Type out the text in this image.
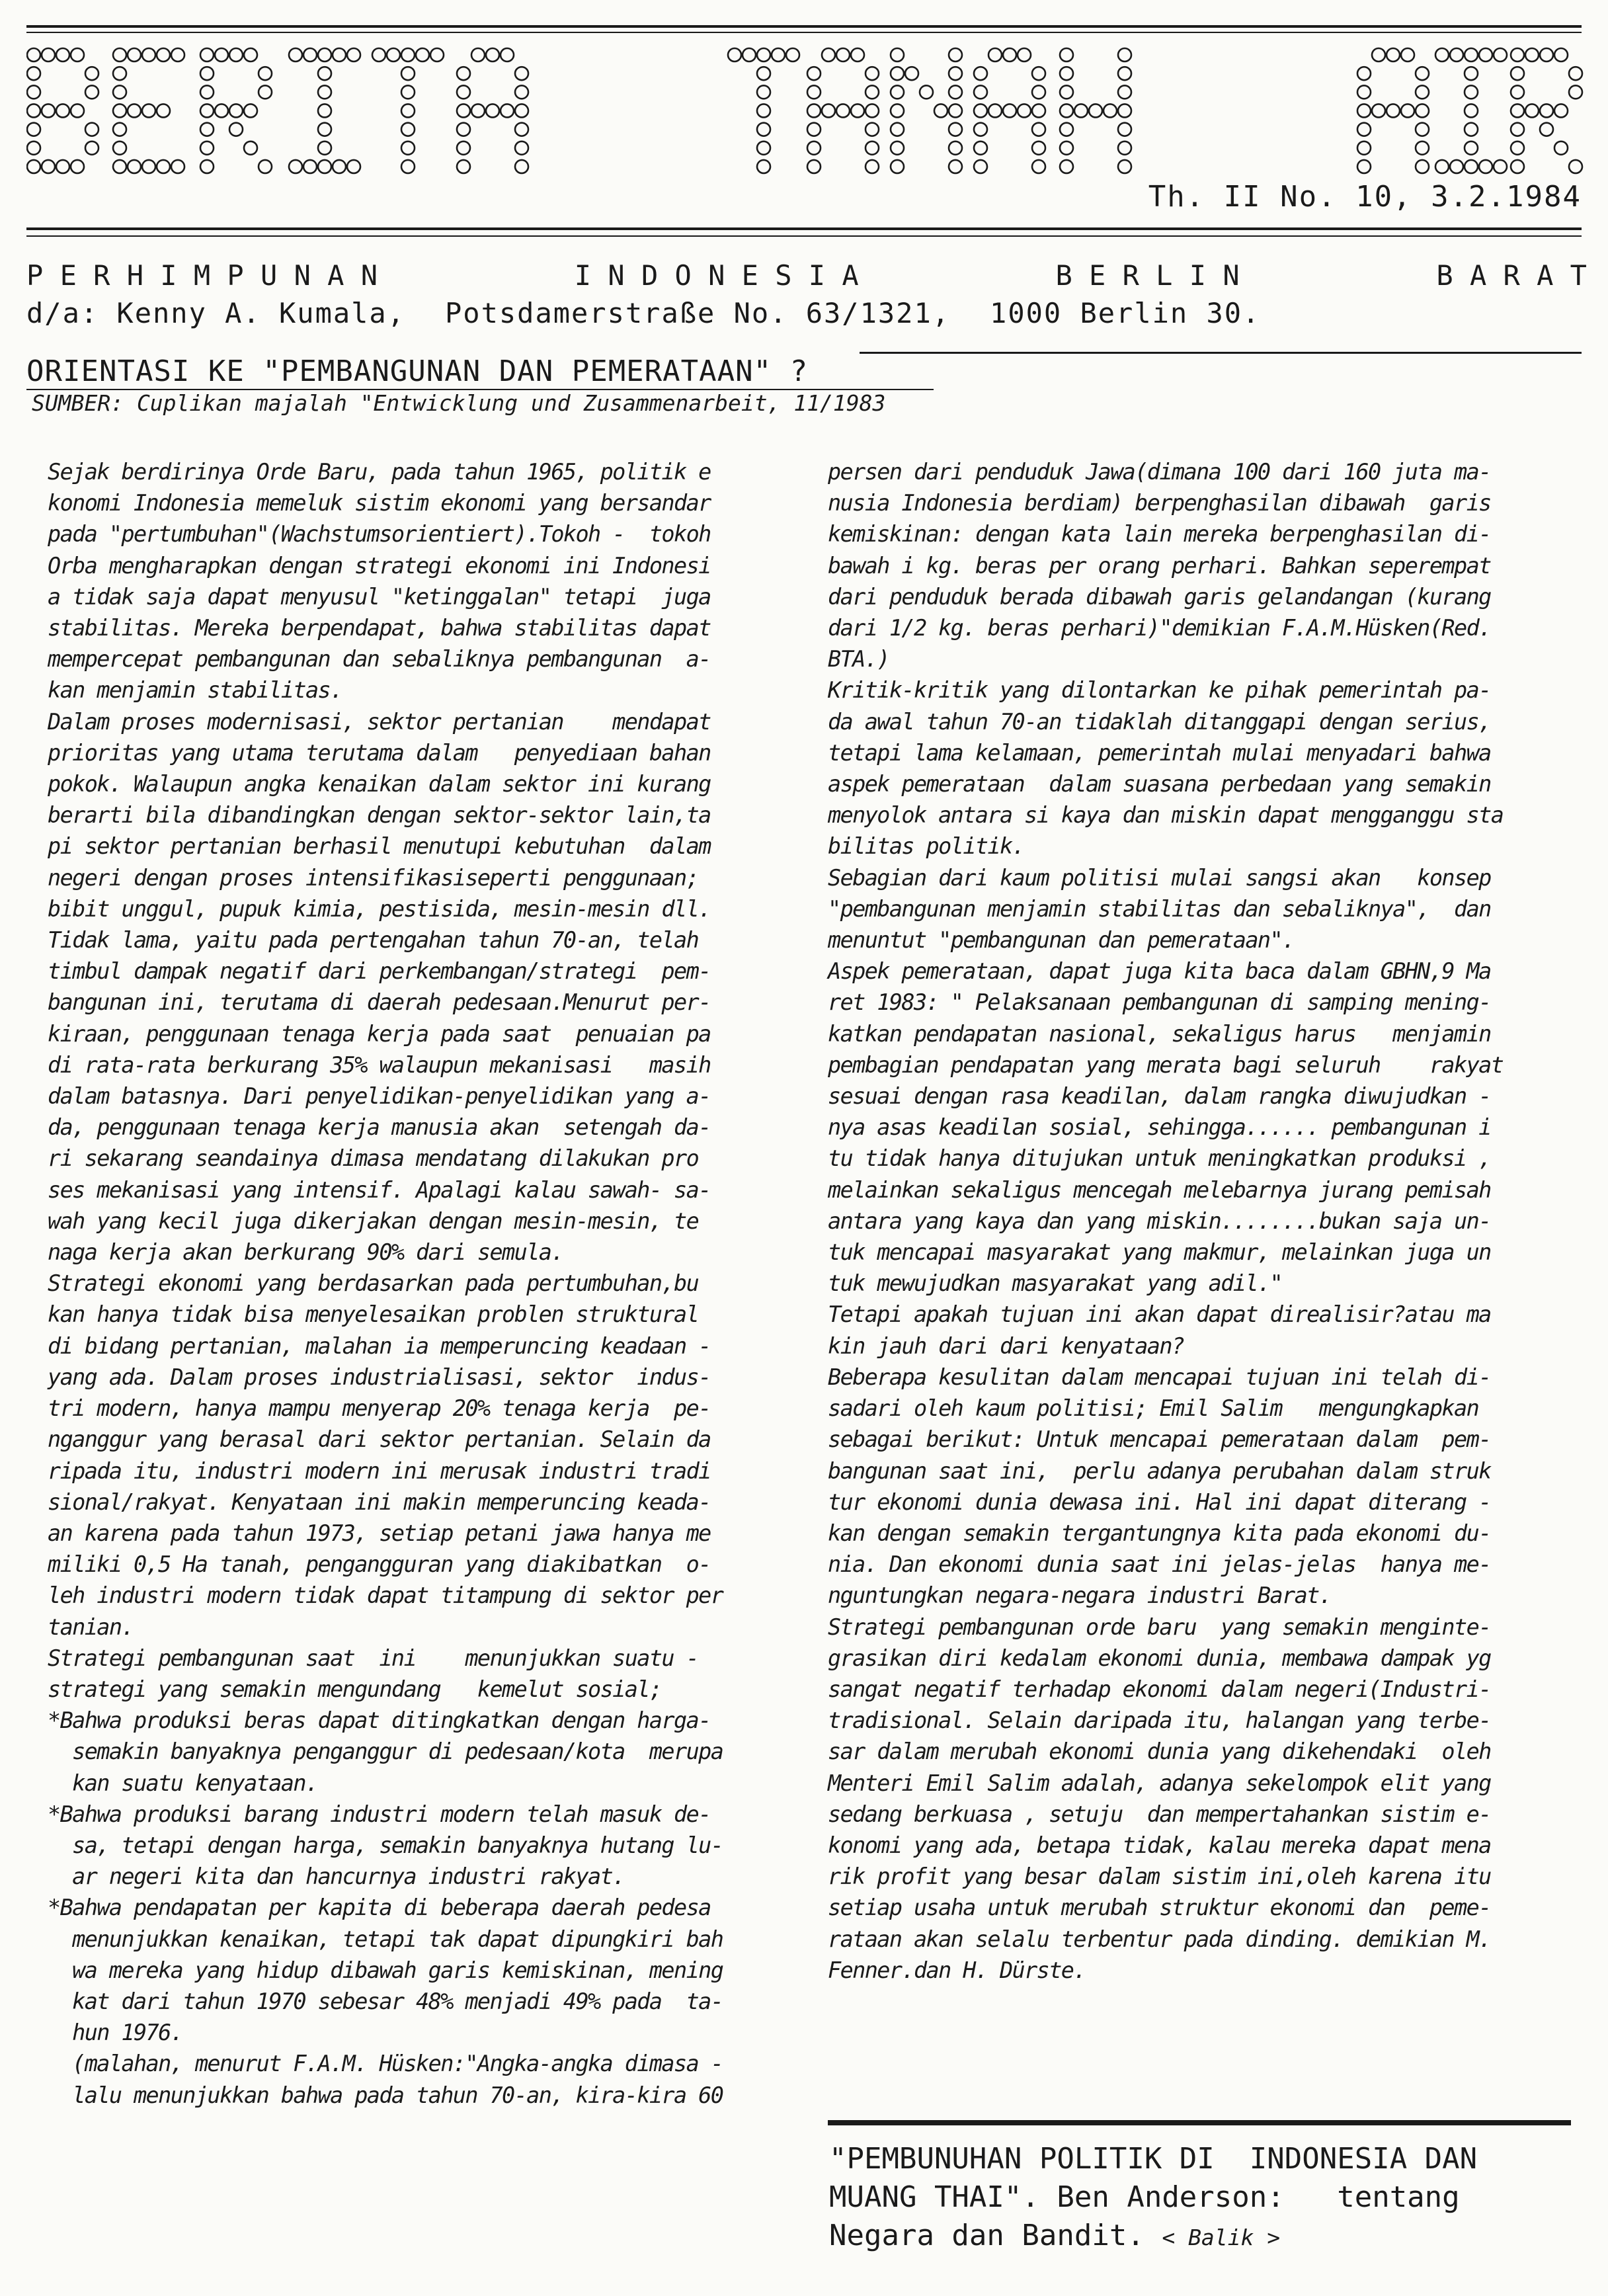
Th. II No. 10, 3.2.1984
P E R H I M P U N A N	I N D O N E S I A	B E R L I N	B A R A T
d/a: Kenny A. Kumala, Potsdamerstraße No. 63/1321, 1000 Berlin 30.
ORIENTASI KE "PEMBANGUNAN DAN PEMERATAAN" ?
SUMBER: Cuplikan majalah "Entwicklung und Zusammenarbeit, 11/1983
Sejak berdirinya Orde Baru, pada tahun 1965, politik e
konomi Indonesia memeluk sistim ekonomi yang bersandar
pada "pertumbuhan"(Wachstumsorientiert).Tokoh -  tokoh
Orba mengharapkan dengan strategi ekonomi ini Indonesi
a tidak saja dapat menyusul "ketinggalan" tetapi  juga
stabilitas. Mereka berpendapat, bahwa stabilitas dapat
mempercepat pembangunan dan sebaliknya pembangunan  a-
kan menjamin stabilitas.
Dalam proses modernisasi, sektor pertanian    mendapat
prioritas yang utama terutama dalam   penyediaan bahan
pokok. Walaupun angka kenaikan dalam sektor ini kurang
berarti bila dibandingkan dengan sektor-sektor lain,ta
pi sektor pertanian berhasil menutupi kebutuhan  dalam
negeri dengan proses intensifikasiseperti penggunaan;
bibit unggul, pupuk kimia, pestisida, mesin-mesin dll.
Tidak lama, yaitu pada pertengahan tahun 70-an, telah
timbul dampak negatif dari perkembangan/strategi  pem-
bangunan ini, terutama di daerah pedesaan.Menurut per-
kiraan, penggunaan tenaga kerja pada saat  penuaian pa
di rata-rata berkurang 35% walaupun mekanisasi   masih
dalam batasnya. Dari penyelidikan-penyelidikan yang a-
da, penggunaan tenaga kerja manusia akan  setengah da-
ri sekarang seandainya dimasa mendatang dilakukan pro
ses mekanisasi yang intensif. Apalagi kalau sawah- sa-
wah yang kecil juga dikerjakan dengan mesin-mesin, te
naga kerja akan berkurang 90% dari semula.
Strategi ekonomi yang berdasarkan pada pertumbuhan,bu
kan hanya tidak bisa menyelesaikan problen struktural
di bidang pertanian, malahan ia memperuncing keadaan -
yang ada. Dalam proses industrialisasi, sektor  indus-
tri modern, hanya mampu menyerap 20% tenaga kerja  pe-
nganggur yang berasal dari sektor pertanian. Selain da
ripada itu, industri modern ini merusak industri tradi
sional/rakyat. Kenyataan ini makin memperuncing keada-
an karena pada tahun 1973, setiap petani jawa hanya me
miliki 0,5 Ha tanah, pengangguran yang diakibatkan  o-
leh industri modern tidak dapat titampung di sektor per
tanian.
Strategi pembangunan saat  ini    menunjukkan suatu -
strategi yang semakin mengundang   kemelut sosial;
*Bahwa produksi beras dapat ditingkatkan dengan harga-
semakin banyaknya penganggur di pedesaan/kota  merupa
kan suatu kenyataan.
*Bahwa produksi barang industri modern telah masuk de-
sa, tetapi dengan harga, semakin banyaknya hutang lu-
ar negeri kita dan hancurnya industri rakyat.
*Bahwa pendapatan per kapita di beberapa daerah pedesa
menunjukkan kenaikan, tetapi tak dapat dipungkiri bah
wa mereka yang hidup dibawah garis kemiskinan, mening
kat dari tahun 1970 sebesar 48% menjadi 49% pada  ta-
hun 1976.
(malahan, menurut F.A.M. Hüsken:"Angka-angka dimasa -
lalu menunjukkan bahwa pada tahun 70-an, kira-kira 60
persen dari penduduk Jawa(dimana 100 dari 160 juta ma-
nusia Indonesia berdiam) berpenghasilan dibawah  garis
kemiskinan: dengan kata lain mereka berpenghasilan di-
bawah i kg. beras per orang perhari. Bahkan seperempat
dari penduduk berada dibawah garis gelandangan (kurang
dari 1/2 kg. beras perhari)"demikian F.A.M.Hüsken(Red.
BTA.)
Kritik-kritik yang dilontarkan ke pihak pemerintah pa-
da awal tahun 70-an tidaklah ditanggapi dengan serius,
tetapi lama kelamaan, pemerintah mulai menyadari bahwa
aspek pemerataan  dalam suasana perbedaan yang semakin
menyolok antara si kaya dan miskin dapat mengganggu sta
bilitas politik.
Sebagian dari kaum politisi mulai sangsi akan   konsep
"pembangunan menjamin stabilitas dan sebaliknya",  dan
menuntut "pembangunan dan pemerataan".
Aspek pemerataan, dapat juga kita baca dalam GBHN,9 Ma
ret 1983: " Pelaksanaan pembangunan di samping mening-
katkan pendapatan nasional, sekaligus harus   menjamin
pembagian pendapatan yang merata bagi seluruh    rakyat
sesuai dengan rasa keadilan, dalam rangka diwujudkan -
nya asas keadilan sosial, sehingga...... pembangunan i
tu tidak hanya ditujukan untuk meningkatkan produksi ,
melainkan sekaligus mencegah melebarnya jurang pemisah
antara yang kaya dan yang miskin........bukan saja un-
tuk mencapai masyarakat yang makmur, melainkan juga un
tuk mewujudkan masyarakat yang adil."
Tetapi apakah tujuan ini akan dapat direalisir?atau ma
kin jauh dari dari kenyataan?
Beberapa kesulitan dalam mencapai tujuan ini telah di-
sadari oleh kaum politisi; Emil Salim   mengungkapkan
sebagai berikut: Untuk mencapai pemerataan dalam  pem-
bangunan saat ini,  perlu adanya perubahan dalam struk
tur ekonomi dunia dewasa ini. Hal ini dapat diterang -
kan dengan semakin tergantungnya kita pada ekonomi du-
nia. Dan ekonomi dunia saat ini jelas-jelas  hanya me-
nguntungkan negara-negara industri Barat.
Strategi pembangunan orde baru  yang semakin menginte-
grasikan diri kedalam ekonomi dunia, membawa dampak yg
sangat negatif terhadap ekonomi dalam negeri(Industri-
tradisional. Selain daripada itu, halangan yang terbe-
sar dalam merubah ekonomi dunia yang dikehendaki  oleh
Menteri Emil Salim adalah, adanya sekelompok elit yang
sedang berkuasa , setuju  dan mempertahankan sistim e-
konomi yang ada, betapa tidak, kalau mereka dapat mena
rik profit yang besar dalam sistim ini,oleh karena itu
setiap usaha untuk merubah struktur ekonomi dan  peme-
rataan akan selalu terbentur pada dinding. demikian M.
Fenner.dan H. Dürste.
"PEMBUNUHAN POLITIK DI  INDONESIA DAN
MUANG THAI". Ben Anderson:   tentang
Negara dan Bandit. < Balik >
